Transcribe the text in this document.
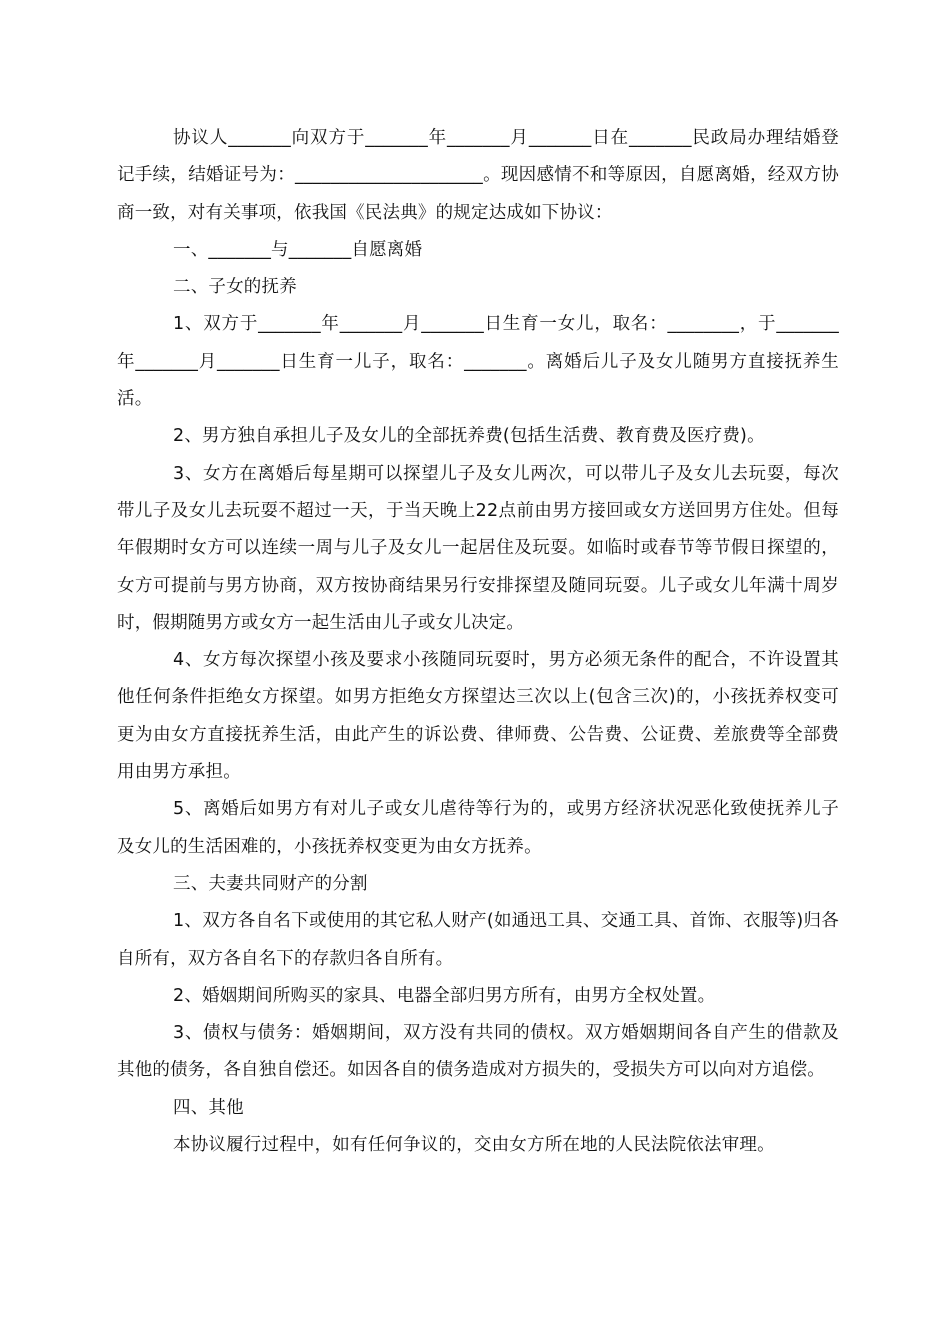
协议人_______向双方于_______年_______月_______日在_______民政局办理结婚登记手续，结婚证号为：_____________________。现因感情不和等原因，自愿离婚，经双方协商一致，对有关事项，依我国《民法典》的规定达成如下协议：

一、_______与_______自愿离婚

二、子女的抚养

1、双方于_______年_______月_______日生育一女儿，取名：________，于_______年_______月_______日生育一儿子，取名：_______。离婚后儿子及女儿随男方直接抚养生活。

2、男方独自承担儿子及女儿的全部抚养费(包括生活费、教育费及医疗费)。

3、女方在离婚后每星期可以探望儿子及女儿两次，可以带儿子及女儿去玩耍，每次带儿子及女儿去玩耍不超过一天，于当天晚上22点前由男方接回或女方送回男方住处。但每年假期时女方可以连续一周与儿子及女儿一起居住及玩耍。如临时或春节等节假日探望的，女方可提前与男方协商，双方按协商结果另行安排探望及随同玩耍。儿子或女儿年满十周岁时，假期随男方或女方一起生活由儿子或女儿决定。

4、女方每次探望小孩及要求小孩随同玩耍时，男方必须无条件的配合，不许设置其他任何条件拒绝女方探望。如男方拒绝女方探望达三次以上(包含三次)的，小孩抚养权变可更为由女方直接抚养生活，由此产生的诉讼费、律师费、公告费、公证费、差旅费等全部费用由男方承担。

5、离婚后如男方有对儿子或女儿虐待等行为的，或男方经济状况恶化致使抚养儿子及女儿的生活困难的，小孩抚养权变更为由女方抚养。

三、夫妻共同财产的分割

1、双方各自名下或使用的其它私人财产(如通迅工具、交通工具、首饰、衣服等)归各自所有，双方各自名下的存款归各自所有。

2、婚姻期间所购买的家具、电器全部归男方所有，由男方全权处置。

3、债权与债务：婚姻期间，双方没有共同的债权。双方婚姻期间各自产生的借款及其他的债务，各自独自偿还。如因各自的债务造成对方损失的，受损失方可以向对方追偿。

四、其他

本协议履行过程中，如有任何争议的，交由女方所在地的人民法院依法审理。
